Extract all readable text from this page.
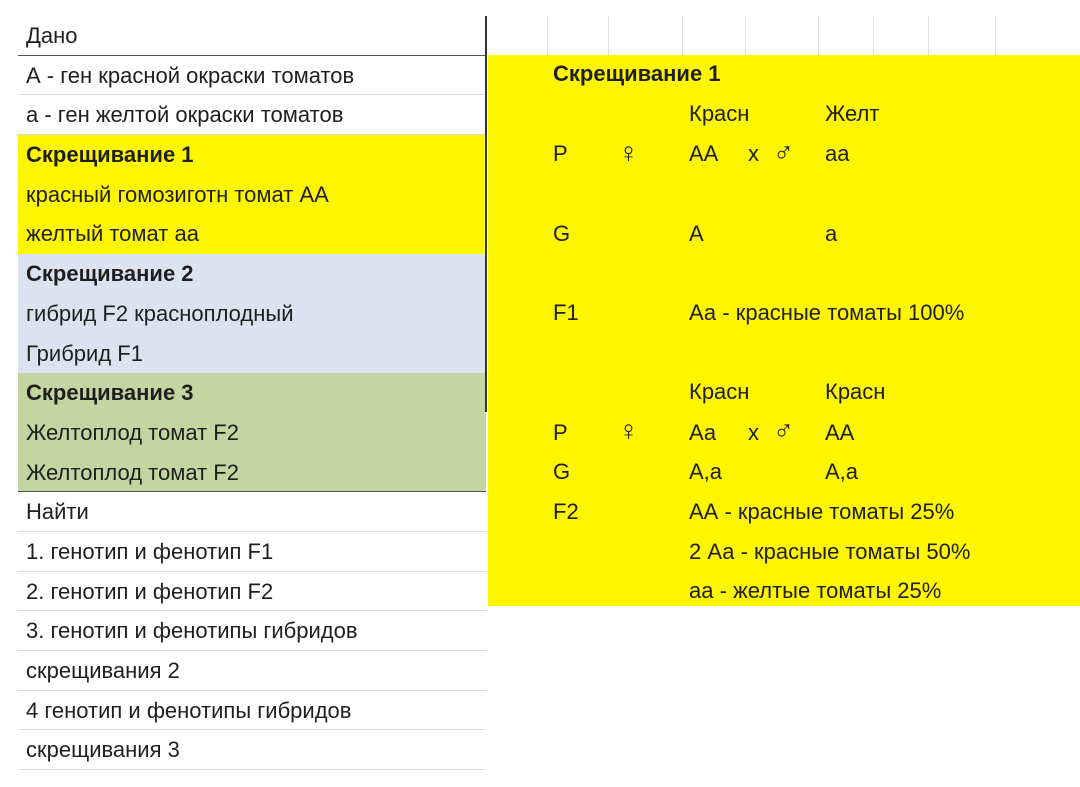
Дано
А - ген красной окраски томатов
а - ген желтой окраски томатов
Скрещивание 1
красный гомозиготн томат АА
желтый томат аа
Скрещивание 2
гибрид F2 красноплодный
Грибрид F1
Скрещивание 3
Желтоплод томат F2
Желтоплод томат F2
Найти
1. генотип и фенотип F1
2. генотип и фенотип F2
3. генотип и фенотипы гибридов
скрещивания 2
4 генотип и фенотипы гибридов
скрещивания 3
Скрещивание 1
Красн	Желт
P ♀ АА x ♂ аа
G	А	а
F1	Аа - красные томаты 100%
Красн	Красн
P ♀ Аа x ♂ АА
G	А,а	А,а
F2	АА - красные томаты 25%
2 Аа - красные томаты 50%
аа - желтые томаты 25%
